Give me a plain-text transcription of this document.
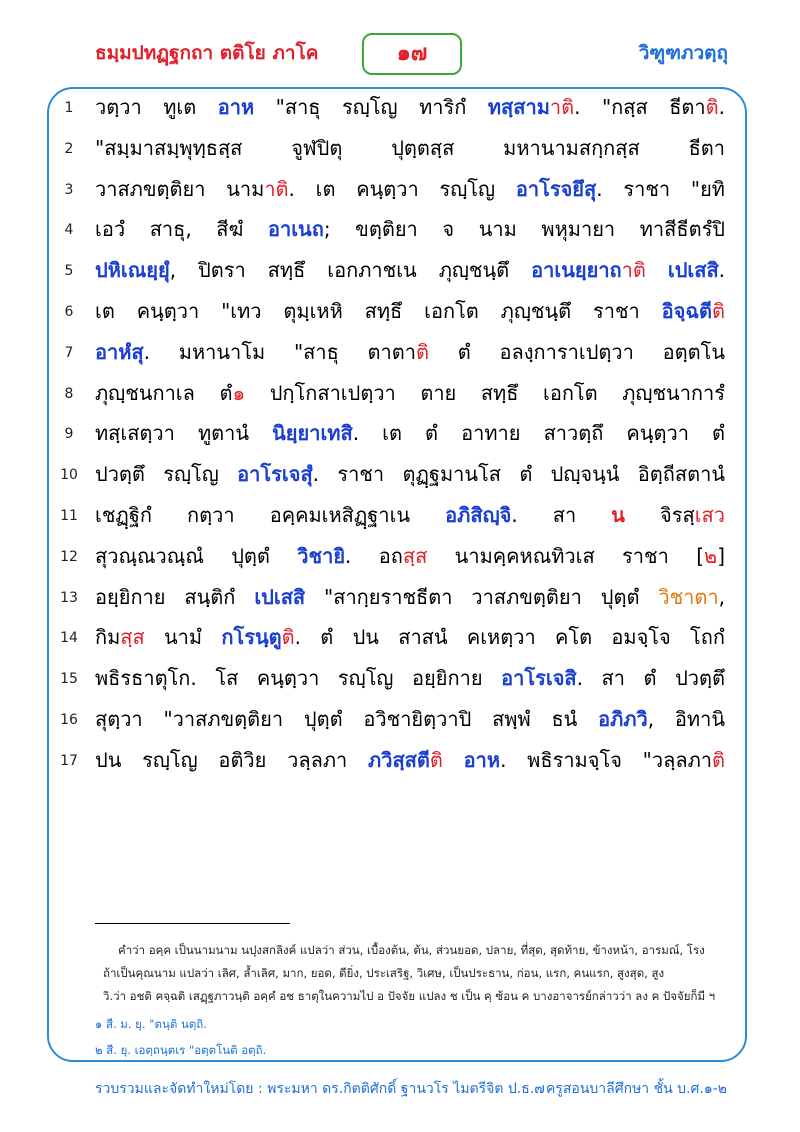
ธมฺมปทฏฺฐกถา ตติโย ภาโค	๑๗	วิฑูฑภวตฺถุ
1	วตฺวา ทูเต อาห "สาธุ รญฺโญ ทาริกํ ทสฺสามาติ. "กสฺส ธีตาติ.
2	"สมฺมาสมฺพุทฺธสฺส จูฬปิตุ ปุตฺตสฺส มหานามสกฺกสฺส ธีตา
3	วาสภขตฺติยา นามาติ. เต คนฺตฺวา รญฺโญ อาโรจยึสุ. ราชา "ยทิ
4	เอวํ สาธุ, สีฆํ อาเนถ; ขตฺติยา จ นาม พหุมายา ทาสีธีตรํปิ
5	ปหิเณยฺยุํ, ปิตรา สทฺธึ เอกภาชเน ภุญฺชนฺตึ อาเนยฺยาถาติ เปเสสิ.
6	เต คนฺตฺวา "เทว ตุมฺเหหิ สทฺธึ เอกโต ภุญฺชนฺตึ ราชา อิจฺฉตีติ
7	อาหํสุ. มหานาโม "สาธุ ตาตาติ ตํ อลงฺการาเปตฺวา อตฺตโน
8	ภุญฺชนกาเล ตํ๑ ปกฺโกสาเปตฺวา ตาย สทฺธึ เอกโต ภุญฺชนาการํ
9	ทสฺเสตฺวา ทูตานํ นิยฺยาเทสิ. เต ตํ อาทาย สาวตฺถึ คนฺตฺวา ตํ
10 ปวตฺตึ รญฺโญ อาโรเจสุํ. ราชา ตุฏฺฐมานโส ตํ ปญฺจนฺนํ อิตฺถีสตานํ
11 เชฏฺฐิกํ กตฺวา อคฺคมเหสิฏฺฐาเน อภิสิญฺจิ. สา น จิรสฺเสว
12 สุวณฺณวณฺณํ ปุตฺตํ วิชายิ. อถสฺส นามคฺคหณทิวเส ราชา [๒]
13 อยฺยิกาย สนฺติกํ เปเสสิ "สากฺยราชธีตา วาสภขตฺติยา ปุตฺตํ วิชาตา,
14 กิมสฺส นามํ กโรนฺตูติ. ตํ ปน สาสนํ คเหตฺวา คโต อมจฺโจ โถกํ
15 พธิรธาตุโก. โส คนฺตฺวา รญฺโญ อยฺยิกาย อาโรเจสิ. สา ตํ ปวตฺตึ
16 สุตฺวา "วาสภขตฺติยา ปุตฺตํ อวิชายิตฺวาปิ สพฺพํ ธนํ อภิภวิ, อิทานิ
17 ปน รญฺโญ อติวิย วลฺลภา ภวิสฺสตีติ อาห. พธิรามจฺโจ "วลฺลภาติ
คำว่า อคฺค เป็นนามนาม นปุงสกลิงค์ แปลว่า ส่วน, เบื้องต้น, ต้น, ส่วนยอด, ปลาย, ที่สุด, สุดท้าย, ข้างหน้า, อารมณ์, โรง
ถ้าเป็นคุณนาม แปลว่า เลิศ, ล้ำเลิศ, มาก, ยอด, ดียิ่ง, ประเสริฐ, วิเศษ, เป็นประธาน, ก่อน, แรก, คนแรก, สูงสุด, สูง
วิ.ว่า อชติ คจฺฉติ เสฏฺฐภาวนฺติ อคฺคํ อช ธาตุในความไป อ ปัจจัย แปลง ช เป็น คฺ ซ้อน ค บางอาจารย์กล่าวว่า ลง ค ปัจจัยก็มี ฯ
๑ สี. ม. ยุ. "ตนฺติ นตฺถิ.
๒ สี. ยุ. เอตฺถนฺตเร "อตฺตโนติ อตฺถิ.
รวบรวมและจัดทำใหม่โดย : พระมหา ดร.กิตติศักดิ์ ฐานวโร ไมตรีจิต ป.ธ.๗ ครูสอนบาลีศึกษา ชั้น บ.ศ.๑-๒
